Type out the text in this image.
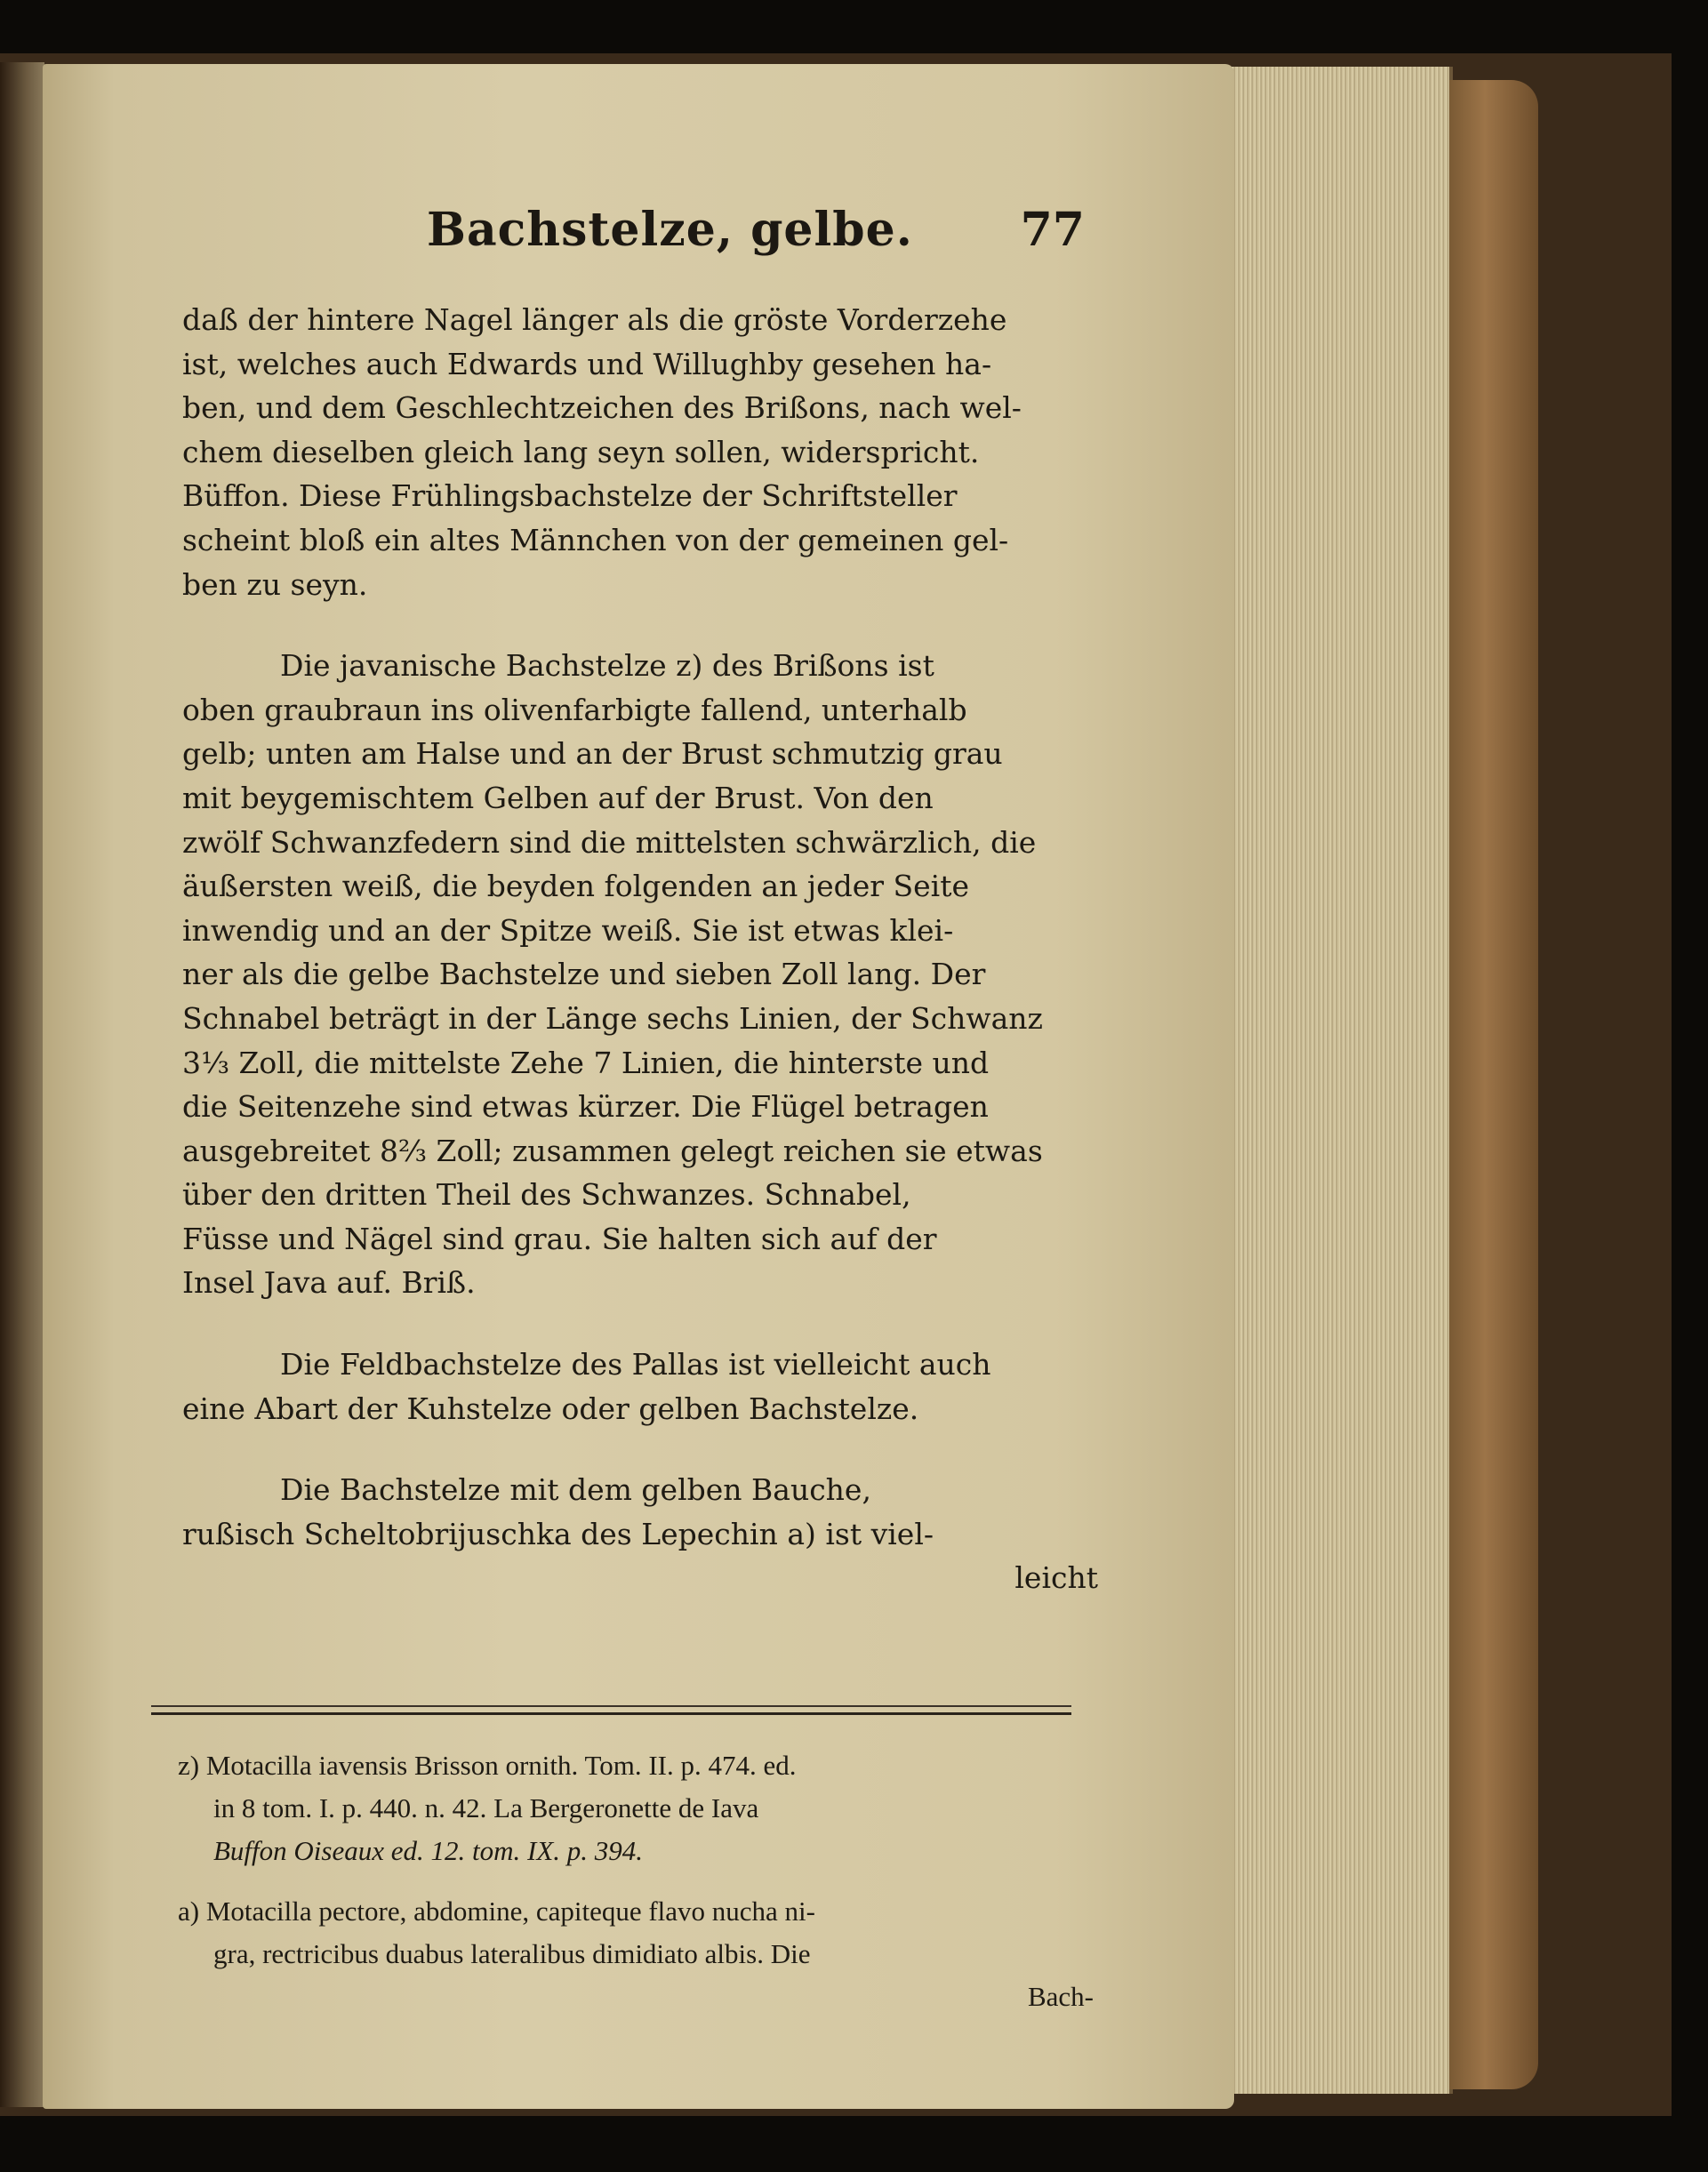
Bachstelze, gelbe. 77
daß der hintere Nagel länger als die gröste Vorderzehe
ist, welches auch Edwards und Willughby gesehen ha-
ben, und dem Geschlechtzeichen des Brißons, nach wel-
chem dieselben gleich lang seyn sollen, widerspricht.
Büffon. Diese Frühlingsbachstelze der Schriftsteller
scheint bloß ein altes Männchen von der gemeinen gel-
ben zu seyn.
Die javanische Bachstelze z) des Brißons ist
oben graubraun ins olivenfarbigte fallend, unterhalb
gelb; unten am Halse und an der Brust schmutzig grau
mit beygemischtem Gelben auf der Brust. Von den
zwölf Schwanzfedern sind die mittelsten schwärzlich, die
äußersten weiß, die beyden folgenden an jeder Seite
inwendig und an der Spitze weiß. Sie ist etwas klei-
ner als die gelbe Bachstelze und sieben Zoll lang. Der
Schnabel beträgt in der Länge sechs Linien, der Schwanz
3⅓ Zoll, die mittelste Zehe 7 Linien, die hinterste und
die Seitenzehe sind etwas kürzer. Die Flügel betragen
ausgebreitet 8⅔ Zoll; zusammen gelegt reichen sie etwas
über den dritten Theil des Schwanzes. Schnabel,
Füsse und Nägel sind grau. Sie halten sich auf der
Insel Java auf. Briß.
Die Feldbachstelze des Pallas ist vielleicht auch
eine Abart der Kuhstelze oder gelben Bachstelze.
Die Bachstelze mit dem gelben Bauche,
rußisch Scheltobrijuschka des Lepechin a) ist viel-
leicht
z) Motacilla iavensis Brisson ornith. Tom. II. p. 474. ed.
in 8 tom. I. p. 440. n. 42. La Bergeronette de Iava
Buffon Oiseaux ed. 12. tom. IX. p. 394.
a) Motacilla pectore, abdomine, capiteque flavo nucha ni-
gra, rectricibus duabus lateralibus dimidiato albis. Die
Bach-
